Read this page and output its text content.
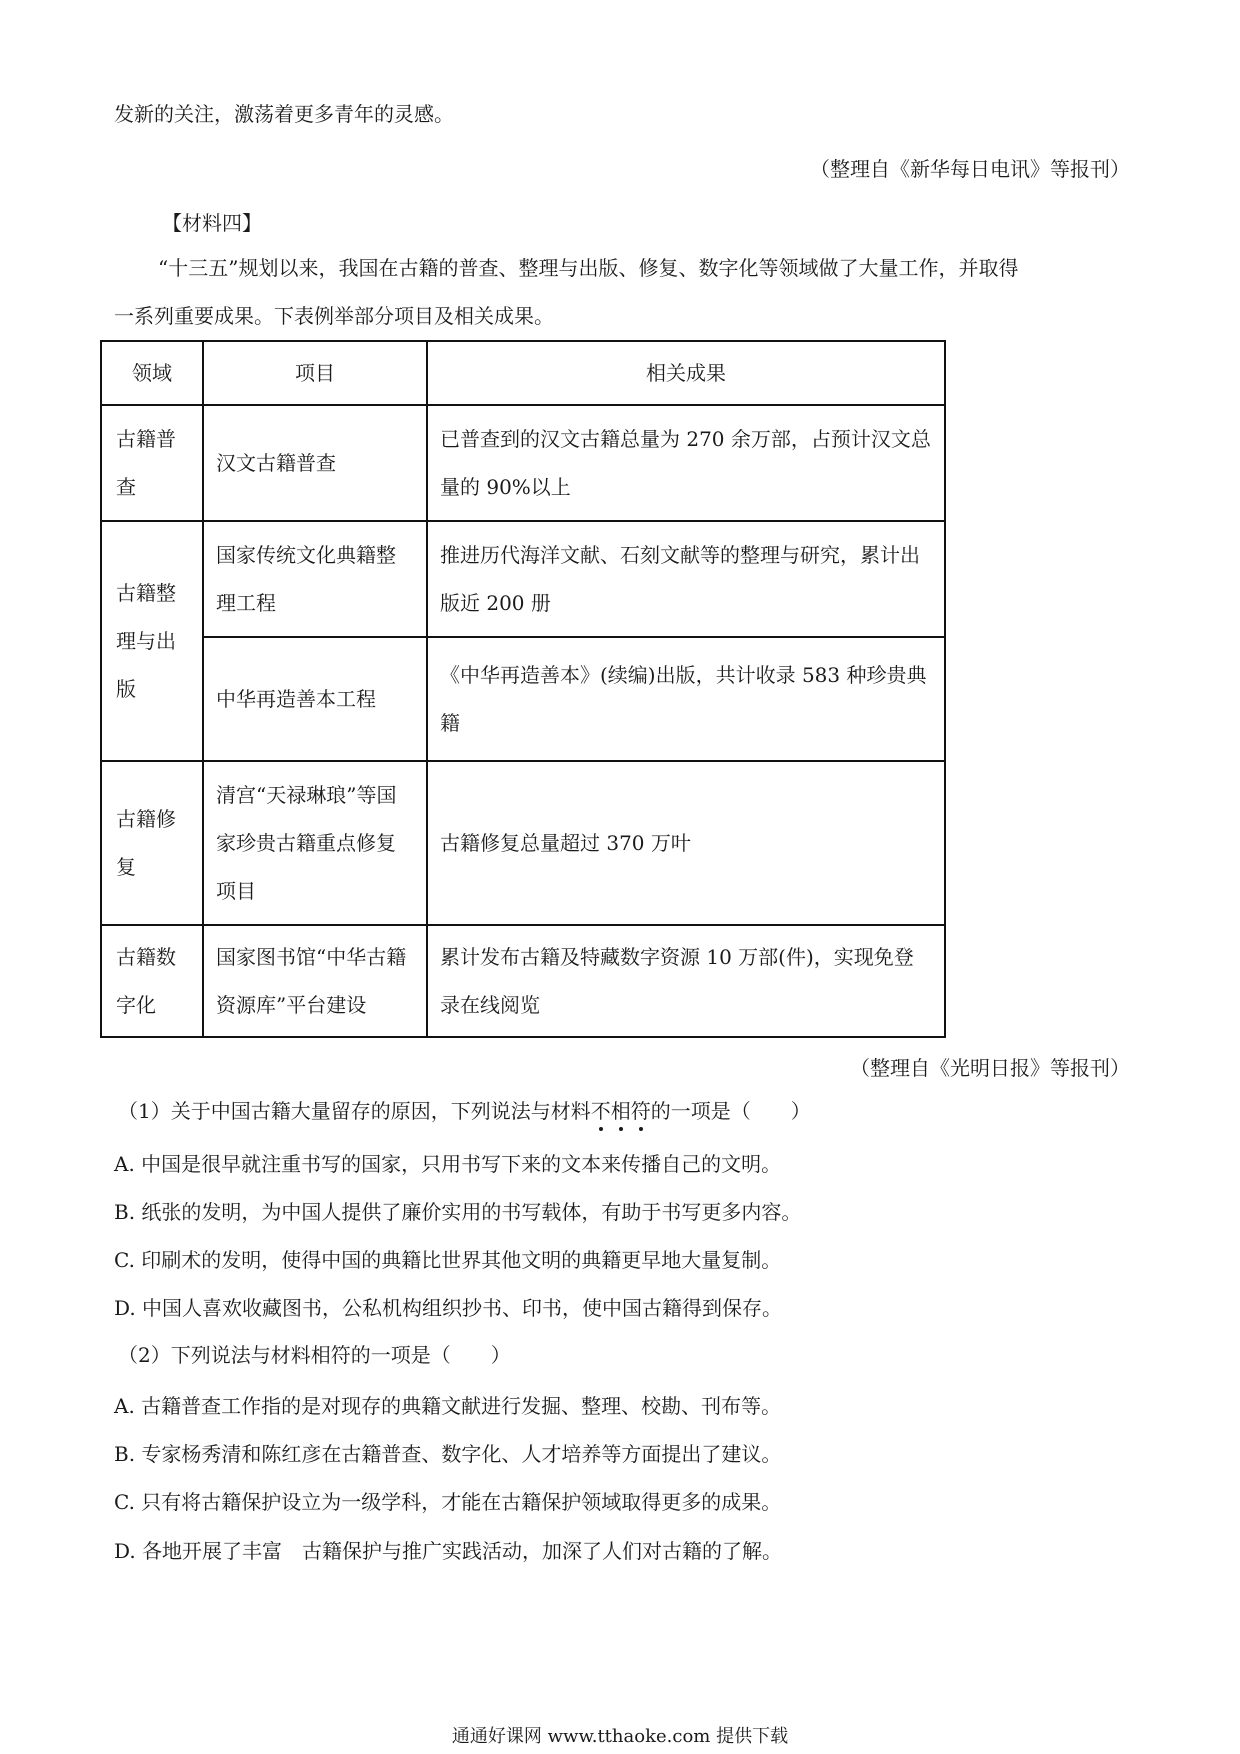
发新的关注，激荡着更多青年的灵感。
（整理自《新华每日电讯》等报刊）
【材料四】
“十三五”规划以来，我国在古籍的普查、整理与出版、修复、数字化等领域做了大量工作，并取得
一系列重要成果。下表例举部分项目及相关成果。
领域	项目	相关成果
古籍普查	汉文古籍普查	已普查到的汉文古籍总量为 270 余万部，占预计汉文总量的 90%以上
古籍整理与出版	国家传统文化典籍整理工程	推进历代海洋文献、石刻文献等的整理与研究，累计出版近 200 册
	中华再造善本工程	《中华再造善本》(续编)出版，共计收录 583 种珍贵典籍
古籍修复	清宫“天禄琳琅”等国家珍贵古籍重点修复项目	古籍修复总量超过 370 万叶
古籍数字化	国家图书馆“中华古籍资源库”平台建设	累计发布古籍及特藏数字资源 10 万部(件)，实现免登录在线阅览
（整理自《光明日报》等报刊）
（1）关于中国古籍大量留存的原因，下列说法与材料不相符的一项是（　　）
A. 中国是很早就注重书写的国家，只用书写下来的文本来传播自己的文明。
B. 纸张的发明，为中国人提供了廉价实用的书写载体，有助于书写更多内容。
C. 印刷术的发明，使得中国的典籍比世界其他文明的典籍更早地大量复制。
D. 中国人喜欢收藏图书，公私机构组织抄书、印书，使中国古籍得到保存。
（2）下列说法与材料相符的一项是（　　）
A. 古籍普查工作指的是对现存的典籍文献进行发掘、整理、校勘、刊布等。
B. 专家杨秀清和陈红彦在古籍普查、数字化、人才培养等方面提出了建议。
C. 只有将古籍保护设立为一级学科，才能在古籍保护领域取得更多的成果。
D. 各地开展了丰富　古籍保护与推广实践活动，加深了人们对古籍的了解。
通通好课网 www.tthaoke.com 提供下载
